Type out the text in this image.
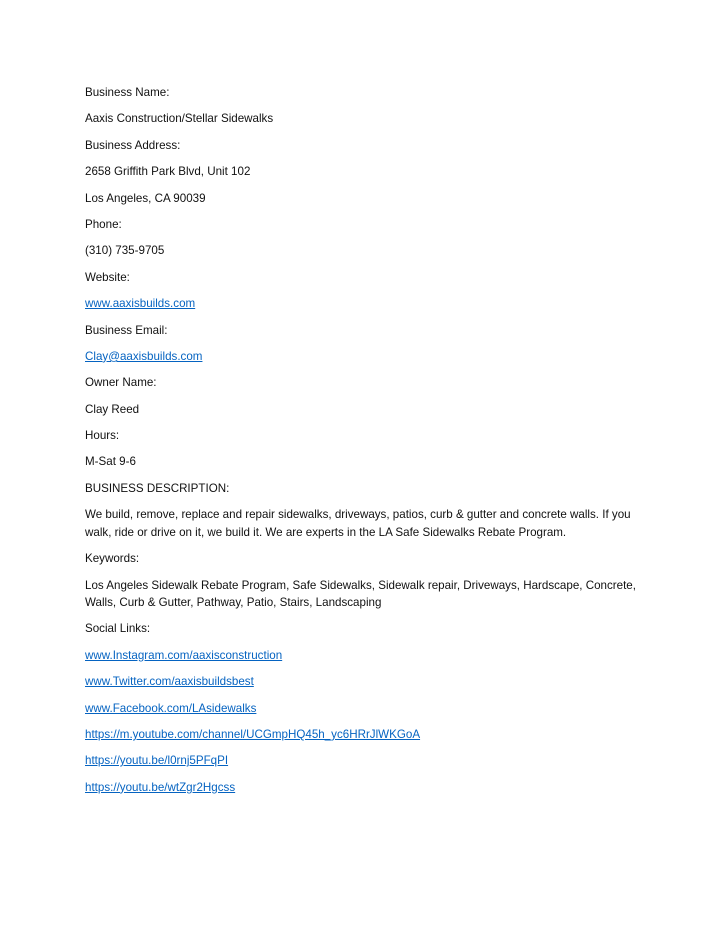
Business Name:

Aaxis Construction/Stellar Sidewalks

Business Address:

2658 Griffith Park Blvd, Unit 102

Los Angeles, CA 90039

Phone:

(310) 735-9705

Website:

www.aaxisbuilds.com

Business Email:

Clay@aaxisbuilds.com

Owner Name:

Clay Reed

Hours:

M-Sat 9-6

BUSINESS DESCRIPTION:

We build, remove, replace and repair sidewalks, driveways, patios, curb & gutter and concrete walls. If you walk, ride or drive on it, we build it. We are experts in the LA Safe Sidewalks Rebate Program.

Keywords:

Los Angeles Sidewalk Rebate Program, Safe Sidewalks, Sidewalk repair, Driveways, Hardscape, Concrete, Walls, Curb & Gutter, Pathway, Patio, Stairs, Landscaping

Social Links:

www.Instagram.com/aaxisconstruction

www.Twitter.com/aaxisbuildsbest

www.Facebook.com/LAsidewalks

https://m.youtube.com/channel/UCGmpHQ45h_yc6HRrJlWKGoA

https://youtu.be/l0rnj5PFqPI

https://youtu.be/wtZgr2Hgcss
